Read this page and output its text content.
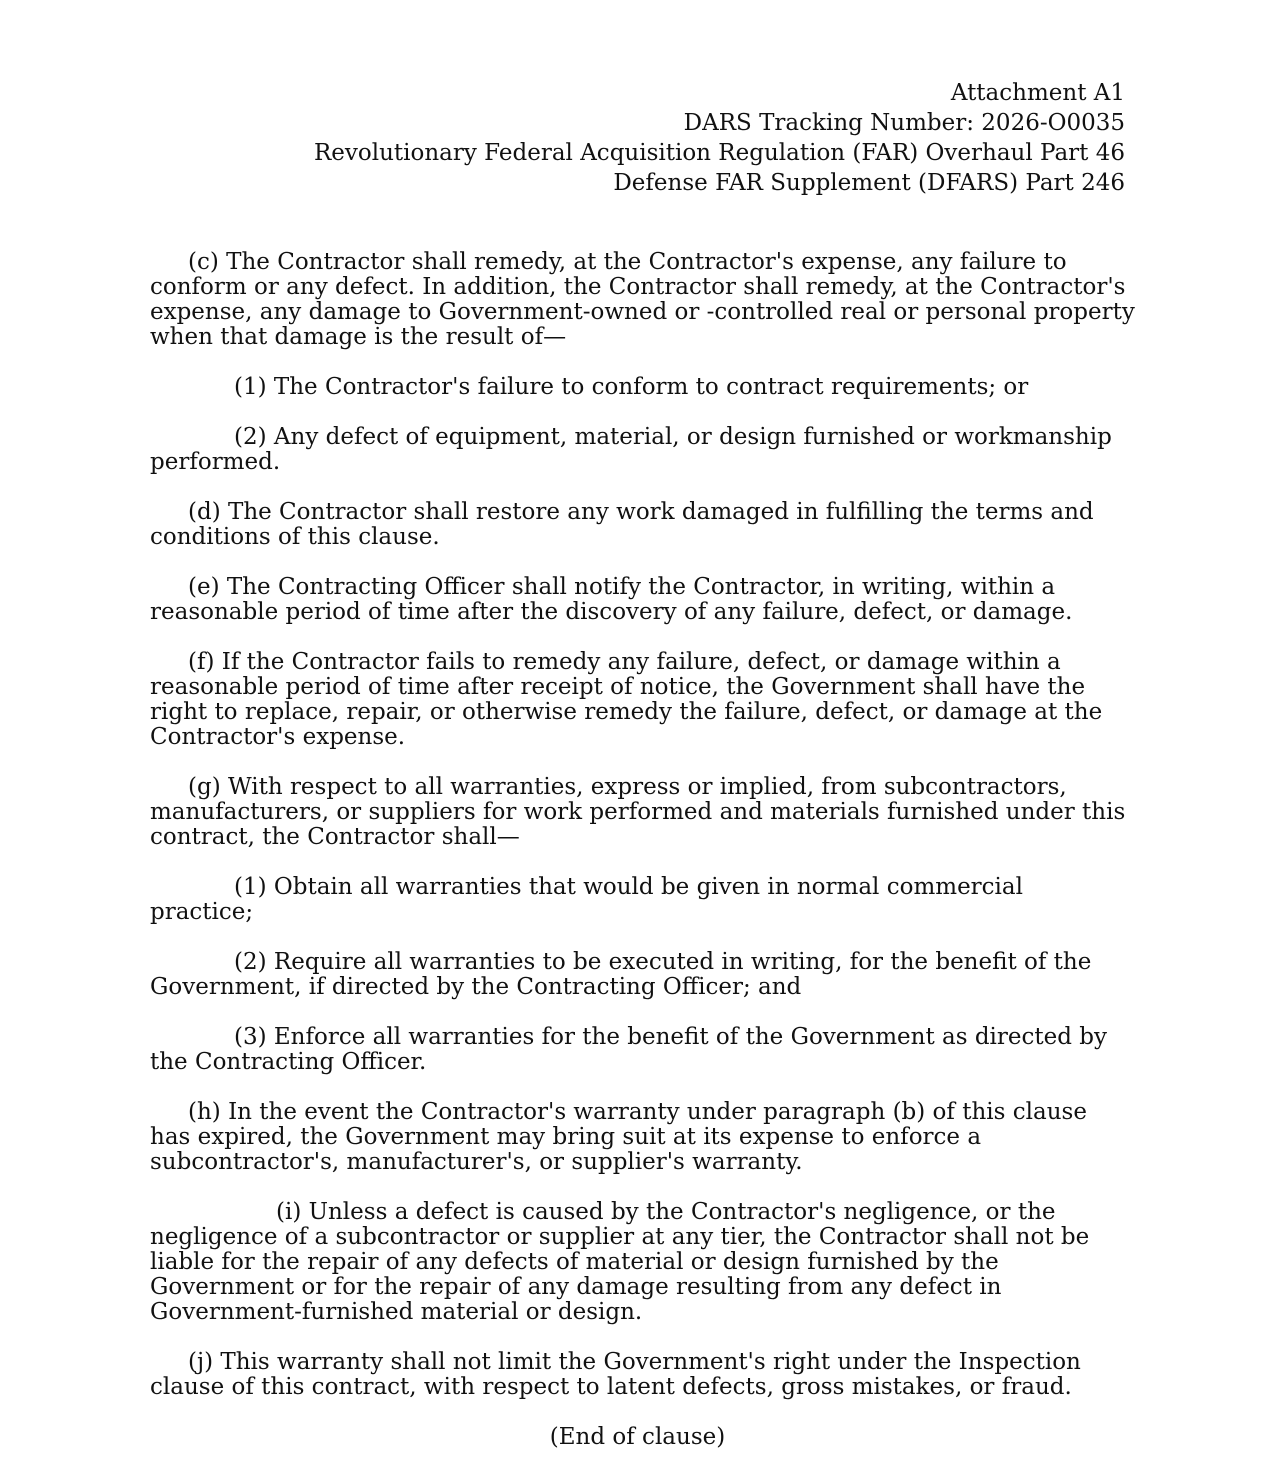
Attachment A1
DARS Tracking Number: 2026-O0035
Revolutionary Federal Acquisition Regulation (FAR) Overhaul Part 46
Defense FAR Supplement (DFARS) Part 246
(c) The Contractor shall remedy, at the Contractor's expense, any failure to
conform or any defect. In addition, the Contractor shall remedy, at the Contractor's
expense, any damage to Government-owned or -controlled real or personal property
when that damage is the result of—
(1) The Contractor's failure to conform to contract requirements; or
(2) Any defect of equipment, material, or design furnished or workmanship
performed.
(d) The Contractor shall restore any work damaged in fulfilling the terms and
conditions of this clause.
(e) The Contracting Officer shall notify the Contractor, in writing, within a
reasonable period of time after the discovery of any failure, defect, or damage.
(f) If the Contractor fails to remedy any failure, defect, or damage within a
reasonable period of time after receipt of notice, the Government shall have the
right to replace, repair, or otherwise remedy the failure, defect, or damage at the
Contractor's expense.
(g) With respect to all warranties, express or implied, from subcontractors,
manufacturers, or suppliers for work performed and materials furnished under this
contract, the Contractor shall—
(1) Obtain all warranties that would be given in normal commercial
practice;
(2) Require all warranties to be executed in writing, for the benefit of the
Government, if directed by the Contracting Officer; and
(3) Enforce all warranties for the benefit of the Government as directed by
the Contracting Officer.
(h) In the event the Contractor's warranty under paragraph (b) of this clause
has expired, the Government may bring suit at its expense to enforce a
subcontractor's, manufacturer's, or supplier's warranty.
(i) Unless a defect is caused by the Contractor's negligence, or the
negligence of a subcontractor or supplier at any tier, the Contractor shall not be
liable for the repair of any defects of material or design furnished by the
Government or for the repair of any damage resulting from any defect in
Government-furnished material or design.
(j) This warranty shall not limit the Government's right under the Inspection
clause of this contract, with respect to latent defects, gross mistakes, or fraud.

(End of clause)
